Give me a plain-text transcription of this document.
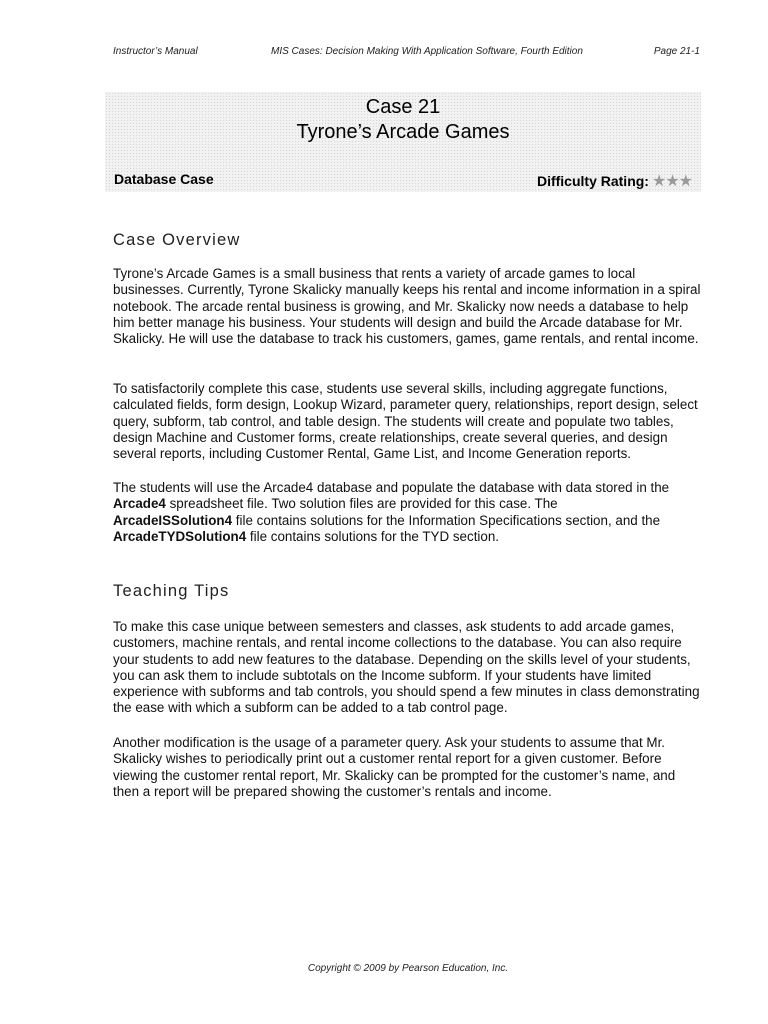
Instructor’s Manual	MIS Cases: Decision Making With Application Software, Fourth Edition	Page 21-1
Case 21
Tyrone’s Arcade Games
Database Case	Difficulty Rating: ★★★
Case Overview

Tyrone’s Arcade Games is a small business that rents a variety of arcade games to local businesses. Currently, Tyrone Skalicky manually keeps his rental and income information in a spiral notebook. The arcade rental business is growing, and Mr. Skalicky now needs a database to help him better manage his business. Your students will design and build the Arcade database for Mr. Skalicky. He will use the database to track his customers, games, game rentals, and rental income.

To satisfactorily complete this case, students use several skills, including aggregate functions, calculated fields, form design, Lookup Wizard, parameter query, relationships, report design, select query, subform, tab control, and table design. The students will create and populate two tables, design Machine and Customer forms, create relationships, create several queries, and design several reports, including Customer Rental, Game List, and Income Generation reports.

The students will use the Arcade4 database and populate the database with data stored in the Arcade4 spreadsheet file. Two solution files are provided for this case. The
ArcadeISSolution4 file contains solutions for the Information Specifications section, and the
ArcadeTYDSolution4 file contains solutions for the TYD section.

Teaching Tips

To make this case unique between semesters and classes, ask students to add arcade games, customers, machine rentals, and rental income collections to the database. You can also require your students to add new features to the database. Depending on the skills level of your students, you can ask them to include subtotals on the Income subform. If your students have limited experience with subforms and tab controls, you should spend a few minutes in class demonstrating the ease with which a subform can be added to a tab control page.

Another modification is the usage of a parameter query. Ask your students to assume that Mr. Skalicky wishes to periodically print out a customer rental report for a given customer. Before viewing the customer rental report, Mr. Skalicky can be prompted for the customer’s name, and then a report will be prepared showing the customer’s rentals and income.

Copyright © 2009 by Pearson Education, Inc.
